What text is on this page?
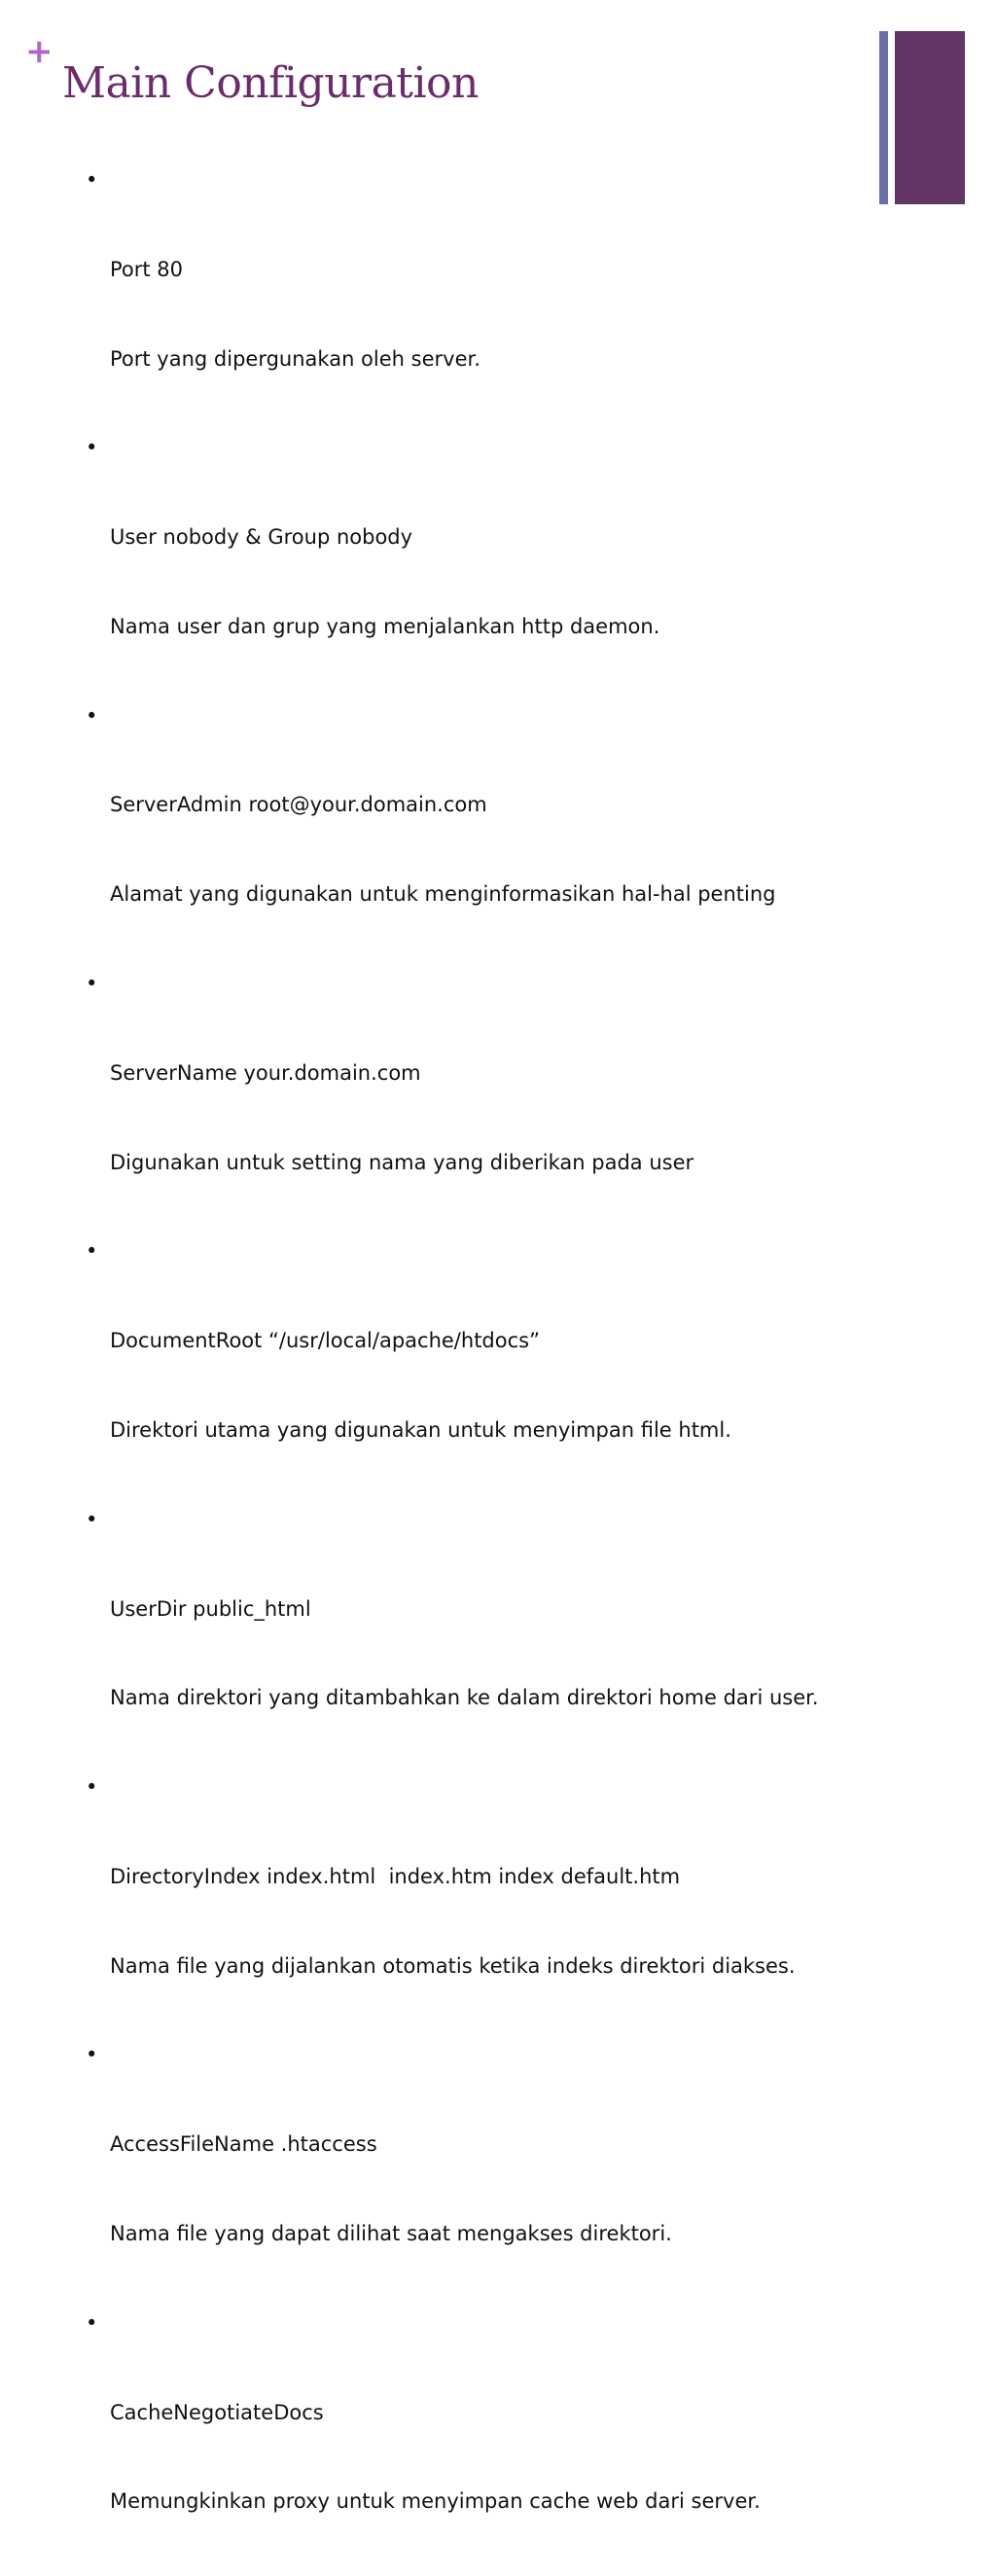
+
Main Configuration

•

Port 80

Port yang dipergunakan oleh server.

•

User nobody & Group nobody

Nama user dan grup yang menjalankan http daemon.

•

ServerAdmin root@your.domain.com

Alamat yang digunakan untuk menginformasikan hal-hal penting

•

ServerName your.domain.com

Digunakan untuk setting nama yang diberikan pada user

•

DocumentRoot “/usr/local/apache/htdocs”

Direktori utama yang digunakan untuk menyimpan file html.

•

UserDir public_html

Nama direktori yang ditambahkan ke dalam direktori home dari user.

•

DirectoryIndex index.html  index.htm index default.htm

Nama file yang dijalankan otomatis ketika indeks direktori diakses.

•

AccessFileName .htaccess

Nama file yang dapat dilihat saat mengakses direktori.

•

CacheNegotiateDocs

Memungkinkan proxy untuk menyimpan cache web dari server.
